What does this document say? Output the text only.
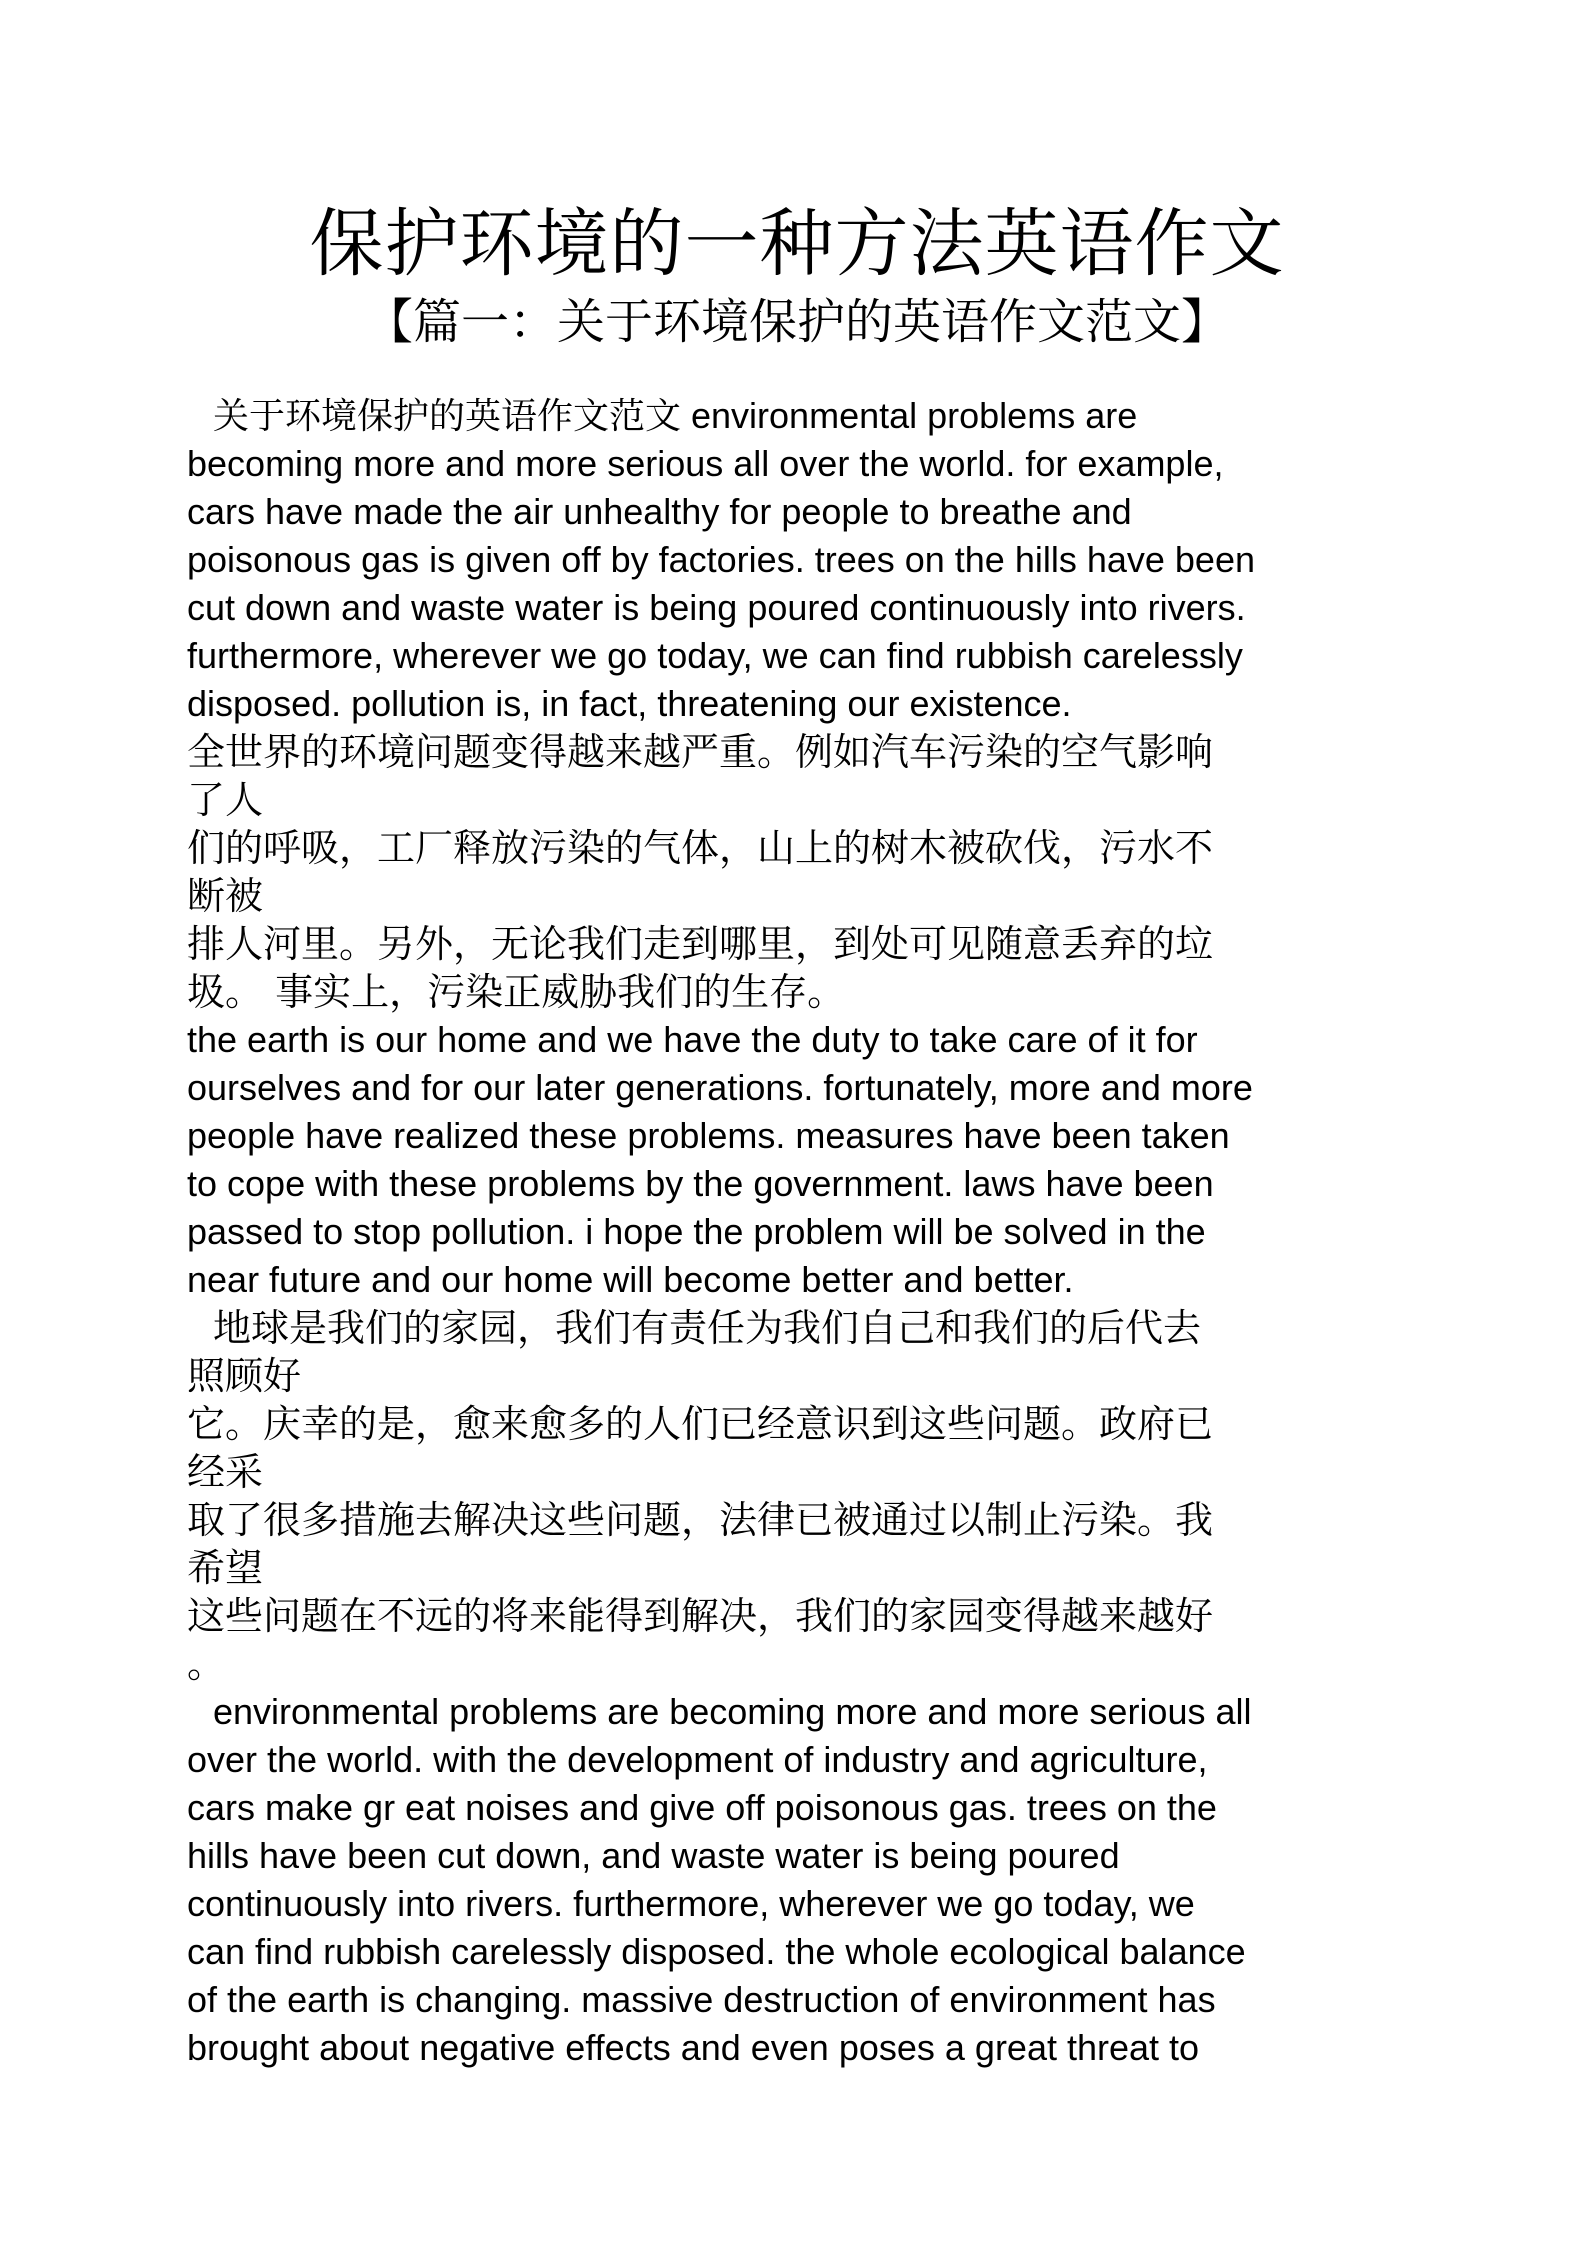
保护环境的一种方法英语作文
【篇一：关于环境保护的英语作文范文】
关于环境保护的英语作文范文 environmental problems are
becoming more and more serious all over the world. for example,
cars have made the air unhealthy for people to breathe and
poisonous gas is given off by factories. trees on the hills have been
cut down and waste water is being poured continuously into rivers.
furthermore, wherever we go today, we can find rubbish carelessly
disposed. pollution is, in fact, threatening our existence.
全世界的环境问题变得越来越严重。例如汽车污染的空气影响
了人
们的呼吸，工厂释放污染的气体，山上的树木被砍伐，污水不
断被
排人河里。另外，无论我们走到哪里，到处可见随意丢弃的垃
圾。 事实上，污染正威胁我们的生存。
the earth is our home and we have the duty to take care of it for
ourselves and for our later generations. fortunately, more and more
people have realized these problems. measures have been taken
to cope with these problems by the government. laws have been
passed to stop pollution. i hope the problem will be solved in the
near future and our home will become better and better.
地球是我们的家园，我们有责任为我们自己和我们的后代去
照顾好
它。庆幸的是，愈来愈多的人们已经意识到这些问题。政府已
经采
取了很多措施去解决这些问题，法律已被通过以制止污染。我
希望
这些问题在不远的将来能得到解决，我们的家园变得越来越好
。
environmental problems are becoming more and more serious all
over the world. with the development of industry and agriculture,
cars make gr eat noises and give off poisonous gas. trees on the
hills have been cut down, and waste water is being poured
continuously into rivers. furthermore, wherever we go today, we
can find rubbish carelessly disposed. the whole ecological balance
of the earth is changing. massive destruction of environment has
brought about negative effects and even poses a great threat to
